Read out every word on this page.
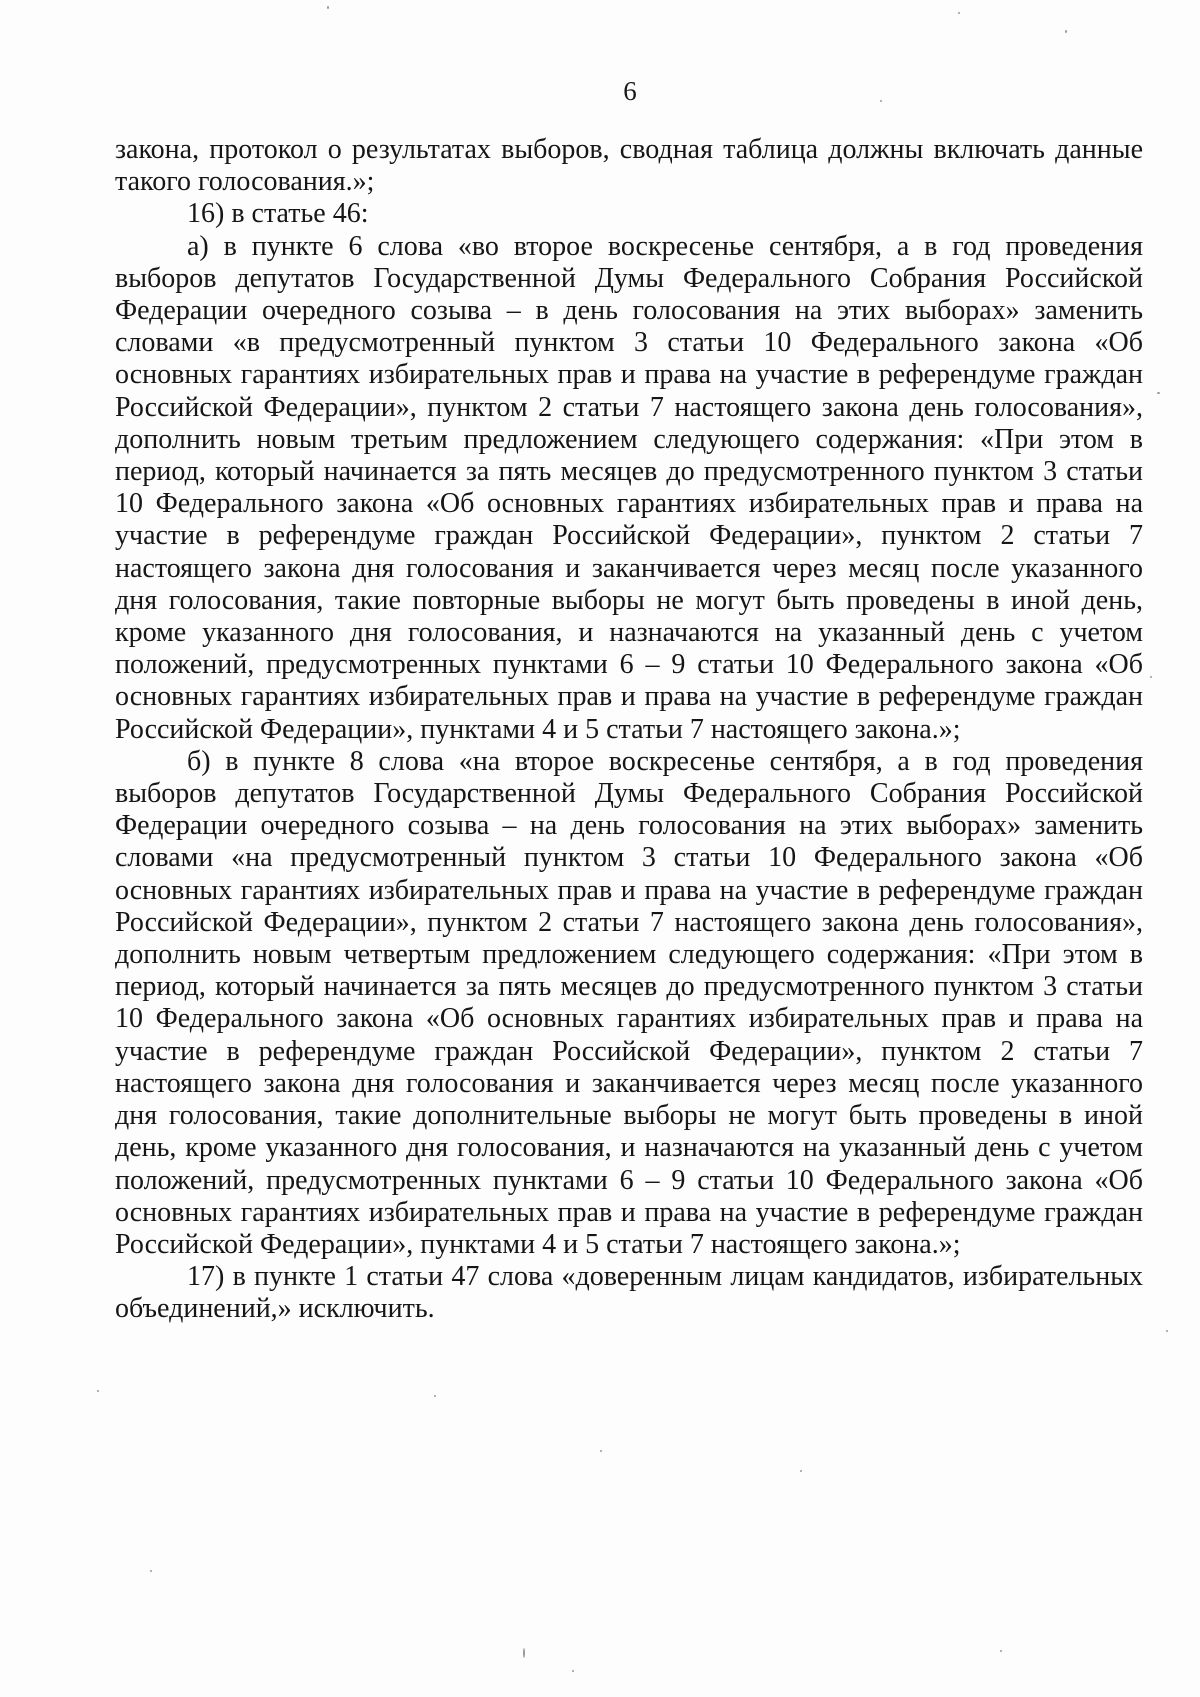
6

закона, протокол о результатах выборов, сводная таблица должны включать данные такого голосования.»;

16) в статье 46:

а) в пункте 6 слова «во второе воскресенье сентября, а в год проведения выборов депутатов Государственной Думы Федерального Собрания Российской Федерации очередного созыва – в день голосования на этих выборах» заменить словами «в предусмотренный пунктом 3 статьи 10 Федерального закона «Об основных гарантиях избирательных прав и права на участие в референдуме граждан Российской Федерации», пунктом 2 статьи 7 настоящего закона день голосования», дополнить новым третьим предложением следующего содержания: «При этом в период, который начинается за пять месяцев до предусмотренного пунктом 3 статьи 10 Федерального закона «Об основных гарантиях избирательных прав и права на участие в референдуме граждан Российской Федерации», пунктом 2 статьи 7 настоящего закона дня голосования и заканчивается через месяц после указанного дня голосования, такие повторные выборы не могут быть проведены в иной день, кроме указанного дня голосования, и назначаются на указанный день с учетом положений, предусмотренных пунктами 6 – 9 статьи 10 Федерального закона «Об основных гарантиях избирательных прав и права на участие в референдуме граждан Российской Федерации», пунктами 4 и 5 статьи 7 настоящего закона.»;

б) в пункте 8 слова «на второе воскресенье сентября, а в год проведения выборов депутатов Государственной Думы Федерального Собрания Российской Федерации очередного созыва – на день голосования на этих выборах» заменить словами «на предусмотренный пунктом 3 статьи 10 Федерального закона «Об основных гарантиях избирательных прав и права на участие в референдуме граждан Российской Федерации», пунктом 2 статьи 7 настоящего закона день голосования», дополнить новым четвертым предложением следующего содержания: «При этом в период, который начинается за пять месяцев до предусмотренного пунктом 3 статьи 10 Федерального закона «Об основных гарантиях избирательных прав и права на участие в референдуме граждан Российской Федерации», пунктом 2 статьи 7 настоящего закона дня голосования и заканчивается через месяц после указанного дня голосования, такие дополнительные выборы не могут быть проведены в иной день, кроме указанного дня голосования, и назначаются на указанный день с учетом положений, предусмотренных пунктами 6 – 9 статьи 10 Федерального закона «Об основных гарантиях избирательных прав и права на участие в референдуме граждан Российской Федерации», пунктами 4 и 5 статьи 7 настоящего закона.»;

17) в пункте 1 статьи 47 слова «доверенным лицам кандидатов, избирательных объединений,» исключить.
